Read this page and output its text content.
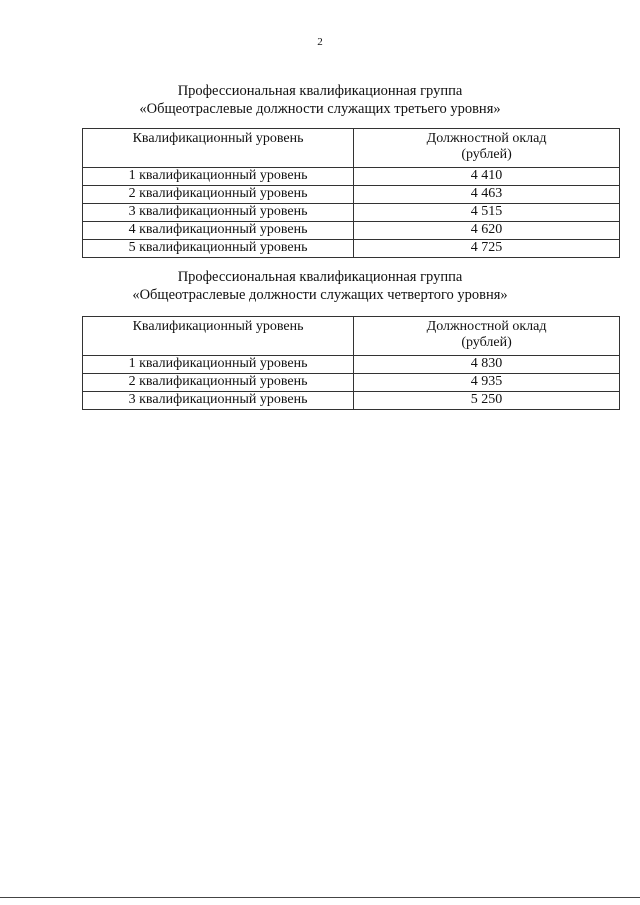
2
Профессиональная квалификационная группа
«Общеотраслевые должности служащих третьего уровня»
Квалификационный уровень	Должностной оклад
(рублей)

1 квалификационный уровень	4 410
2 квалификационный уровень	4 463
3 квалификационный уровень	4 515
4 квалификационный уровень	4 620
5 квалификационный уровень	4 725
Профессиональная квалификационная группа
«Общеотраслевые должности служащих четвертого уровня»
Квалификационный уровень	Должностной оклад
(рублей)

1 квалификационный уровень	4 830
2 квалификационный уровень	4 935
3 квалификационный уровень	5 250
